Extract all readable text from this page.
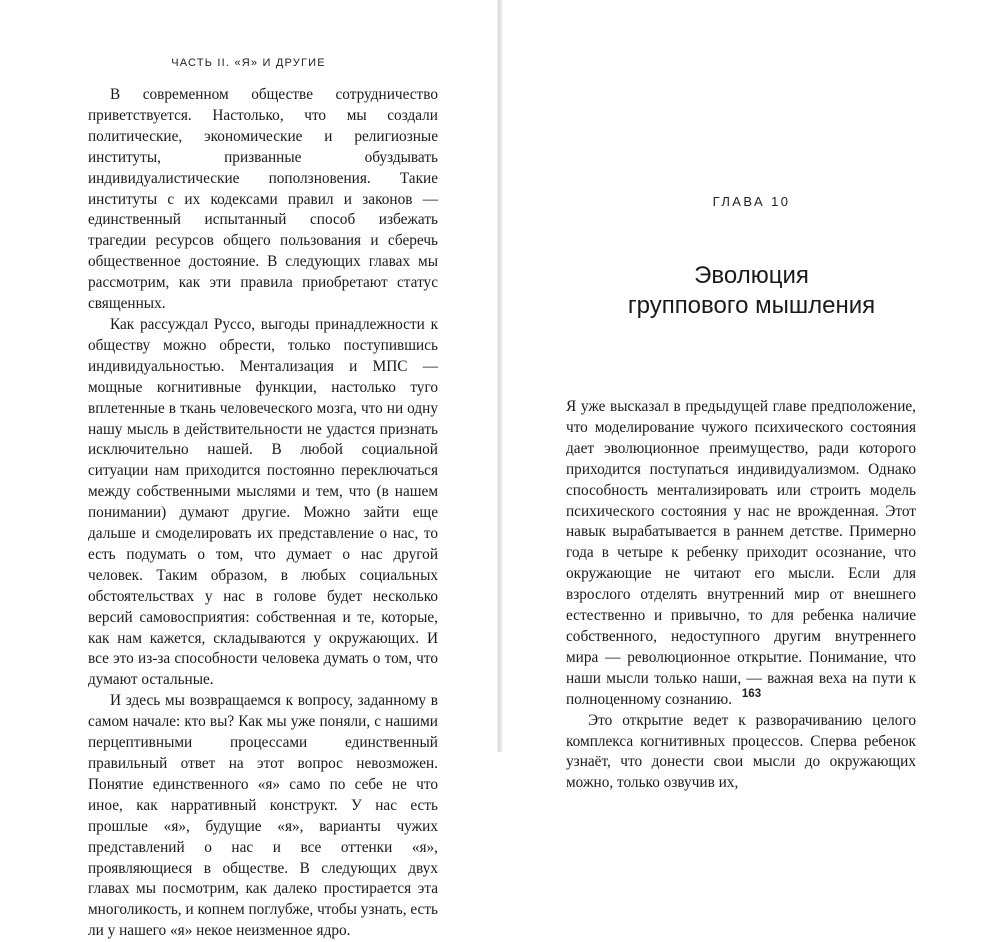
ЧАСТЬ II. «Я» И ДРУГИЕ

В современном обществе сотрудничество приветствуется. Настолько, что мы создали политические, экономические и религиозные институты, призванные обуздывать индивидуалистические поползновения. Такие институты с их кодексами правил и законов — единственный испытанный способ избежать трагедии ресурсов общего пользования и сберечь общественное достояние. В следующих главах мы рассмотрим, как эти правила приобретают статус священных.

Как рассуждал Руссо, выгоды принадлежности к обществу можно обрести, только поступившись индивидуальностью. Ментализация и МПС — мощные когнитивные функции, настолько туго вплетенные в ткань человеческого мозга, что ни одну нашу мысль в действительности не удастся признать исключительно нашей. В любой социальной ситуации нам приходится постоянно переключаться между собственными мыслями и тем, что (в нашем понимании) думают другие. Можно зайти еще дальше и смоделировать их представление о нас, то есть подумать о том, что думает о нас другой человек. Таким образом, в любых социальных обстоятельствах у нас в голове будет несколько версий самовосприятия: собственная и те, которые, как нам кажется, складываются у окружающих. И все это из-за способности человека думать о том, что думают остальные.

И здесь мы возвращаемся к вопросу, заданному в самом начале: кто вы? Как мы уже поняли, с нашими перцептивными процессами единственный правильный ответ на этот вопрос невозможен. Понятие единственного «я» само по себе не что иное, как нарративный конструкт. У нас есть прошлые «я», будущие «я», варианты чужих представлений о нас и все оттенки «я», проявляющиеся в обществе. В следующих двух главах мы посмотрим, как далеко простирается эта многоликость, и копнем поглубже, чтобы узнать, есть ли у нашего «я» некое неизменное ядро.

ГЛАВА 10
Эволюция
группового мышления

Я уже высказал в предыдущей главе предположение, что моделирование чужого психического состояния дает эволюционное преимущество, ради которого приходится поступаться индивидуализмом. Однако способность ментализировать или строить модель психического состояния у нас не врожденная. Этот навык вырабатывается в раннем детстве. Примерно года в четыре к ребенку приходит осознание, что окружающие не читают его мысли. Если для взрослого отделять внутренний мир от внешнего естественно и привычно, то для ребенка наличие собственного, недоступного другим внутреннего мира — революционное открытие. Понимание, что наши мысли только наши, — важная веха на пути к полноценному сознанию.

Это открытие ведет к разворачиванию целого комплекса когнитивных процессов. Сперва ребенок узнаёт, что донести свои мысли до окружающих можно, только озвучив их,

163
